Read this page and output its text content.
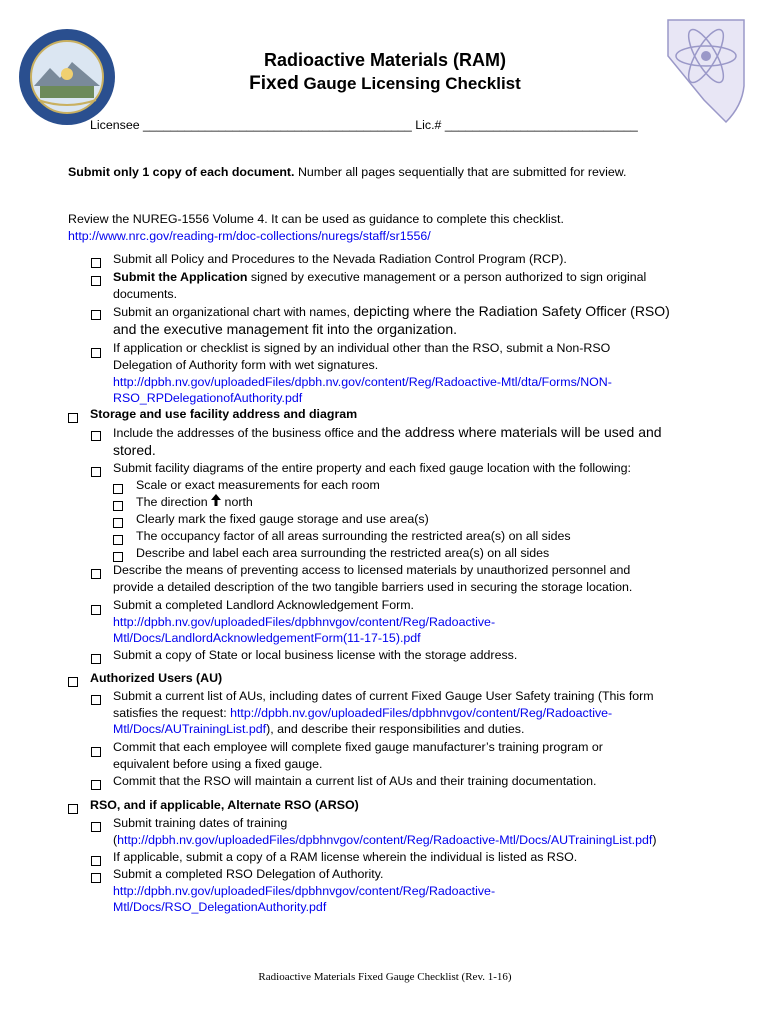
Radioactive Materials (RAM)
Fixed Gauge Licensing Checklist
Licensee _______________________________________ Lic.# ____________________________
Submit only 1 copy of each document. Number all pages sequentially that are submitted for review.
Review the NUREG-1556 Volume 4. It can be used as guidance to complete this checklist.
http://www.nrc.gov/reading-rm/doc-collections/nuregs/staff/sr1556/
Submit all Policy and Procedures to the Nevada Radiation Control Program (RCP).
Submit the Application signed by executive management or a person authorized to sign original
documents.
Submit an organizational chart with names, depicting where the Radiation Safety Officer (RSO)
and the executive management fit into the organization.
If application or checklist is signed by an individual other than the RSO, submit a Non-RSO
Delegation of Authority form with wet signatures.
http://dpbh.nv.gov/uploadedFiles/dpbh.nv.gov/content/Reg/Radoactive-Mtl/dta/Forms/NON-
RSO_RPDelegationofAuthority.pdf
Storage and use facility address and diagram
Include the addresses of the business office and the address where materials will be used and
stored.
Submit facility diagrams of the entire property and each fixed gauge location with the following:
Scale or exact measurements for each room
The direction north
Clearly mark the fixed gauge storage and use area(s)
The occupancy factor of all areas surrounding the restricted area(s) on all sides
Describe and label each area surrounding the restricted area(s) on all sides
Describe the means of preventing access to licensed materials by unauthorized personnel and
provide a detailed description of the two tangible barriers used in securing the storage location.
Submit a completed Landlord Acknowledgement Form.
http://dpbh.nv.gov/uploadedFiles/dpbhnvgov/content/Reg/Radoactive-
Mtl/Docs/LandlordAcknowledgementForm(11-17-15).pdf
Submit a copy of State or local business license with the storage address.
Authorized Users (AU)
Submit a current list of AUs, including dates of current Fixed Gauge User Safety training (This form
satisfies the request: http://dpbh.nv.gov/uploadedFiles/dpbhnvgov/content/Reg/Radoactive-
Mtl/Docs/AUTrainingList.pdf), and describe their responsibilities and duties.
Commit that each employee will complete fixed gauge manufacturer’s training program or
equivalent before using a fixed gauge.
Commit that the RSO will maintain a current list of AUs and their training documentation.
RSO, and if applicable, Alternate RSO (ARSO)
Submit training dates of training
(http://dpbh.nv.gov/uploadedFiles/dpbhnvgov/content/Reg/Radoactive-Mtl/Docs/AUTrainingList.pdf)
If applicable, submit a copy of a RAM license wherein the individual is listed as RSO.
Submit a completed RSO Delegation of Authority.
http://dpbh.nv.gov/uploadedFiles/dpbhnvgov/content/Reg/Radoactive-
Mtl/Docs/RSO_DelegationAuthority.pdf
Radioactive Materials Fixed Gauge Checklist (Rev. 1-16)
